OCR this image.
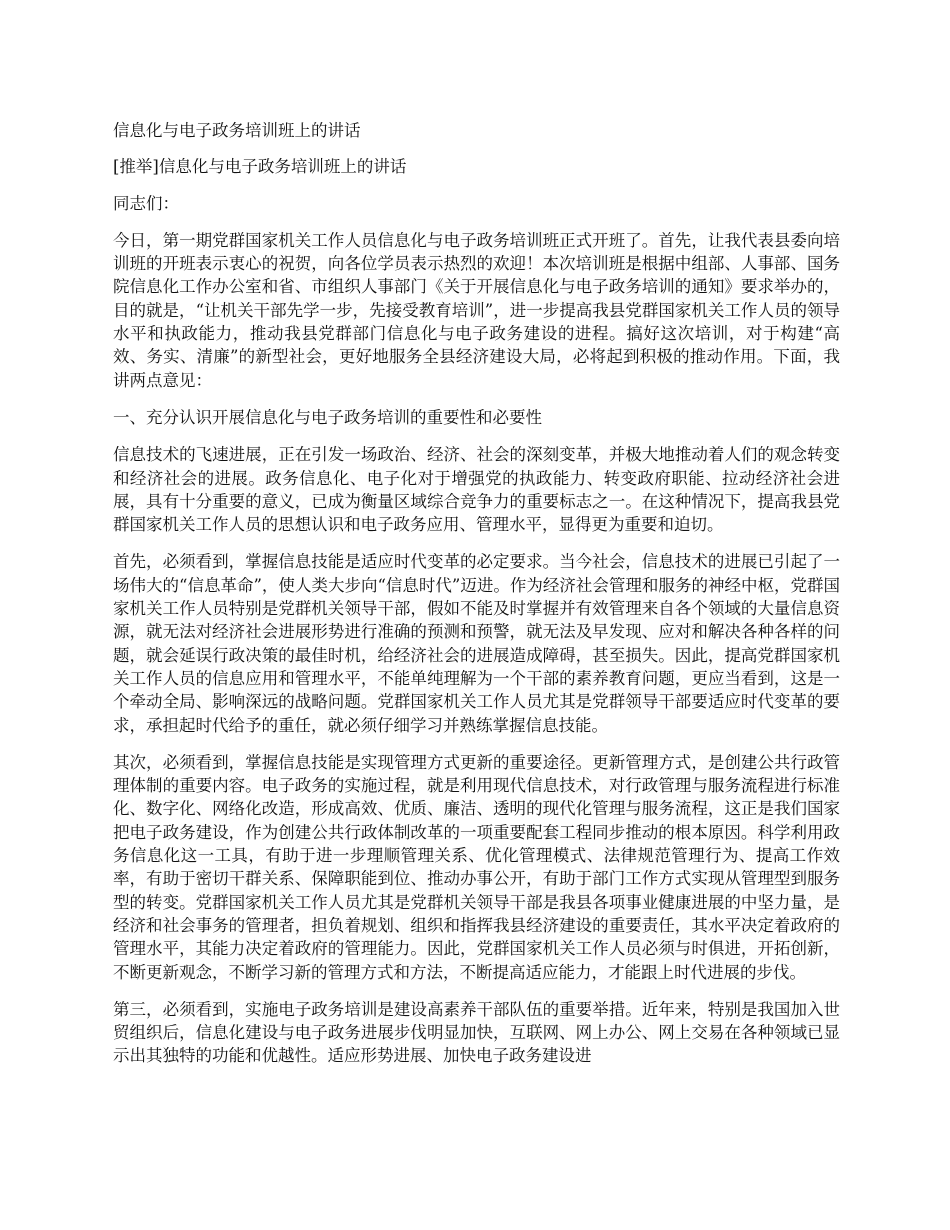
信息化与电子政务培训班上的讲话

[推举]信息化与电子政务培训班上的讲话

同志们：

今日，第一期党群国家机关工作人员信息化与电子政务培训班正式开班了。首先，让我代表县委向培训班的开班表示衷心的祝贺，向各位学员表示热烈的欢迎！本次培训班是根据中组部、人事部、国务院信息化工作办公室和省、市组织人事部门《关于开展信息化与电子政务培训的通知》要求举办的，目的就是，“让机关干部先学一步，先接受教育培训”，进一步提高我县党群国家机关工作人员的领导水平和执政能力，推动我县党群部门信息化与电子政务建设的进程。搞好这次培训，对于构建“高效、务实、清廉”的新型社会，更好地服务全县经济建设大局，必将起到积极的推动作用。下面，我讲两点意见：

一、充分认识开展信息化与电子政务培训的重要性和必要性

信息技术的飞速进展，正在引发一场政治、经济、社会的深刻变革，并极大地推动着人们的观念转变和经济社会的进展。政务信息化、电子化对于增强党的执政能力、转变政府职能、拉动经济社会进展，具有十分重要的意义，已成为衡量区域综合竞争力的重要标志之一。在这种情况下，提高我县党群国家机关工作人员的思想认识和电子政务应用、管理水平，显得更为重要和迫切。

首先，必须看到，掌握信息技能是适应时代变革的必定要求。当今社会，信息技术的进展已引起了一场伟大的“信息革命”，使人类大步向“信息时代”迈进。作为经济社会管理和服务的神经中枢，党群国家机关工作人员特别是党群机关领导干部，假如不能及时掌握并有效管理来自各个领域的大量信息资源，就无法对经济社会进展形势进行准确的预测和预警，就无法及早发现、应对和解决各种各样的问题，就会延误行政决策的最佳时机，给经济社会的进展造成障碍，甚至损失。因此，提高党群国家机关工作人员的信息应用和管理水平，不能单纯理解为一个干部的素养教育问题，更应当看到，这是一个牵动全局、影响深远的战略问题。党群国家机关工作人员尤其是党群领导干部要适应时代变革的要求，承担起时代给予的重任，就必须仔细学习并熟练掌握信息技能。

其次，必须看到，掌握信息技能是实现管理方式更新的重要途径。更新管理方式，是创建公共行政管理体制的重要内容。电子政务的实施过程，就是利用现代信息技术，对行政管理与服务流程进行标准化、数字化、网络化改造，形成高效、优质、廉洁、透明的现代化管理与服务流程，这正是我们国家把电子政务建设，作为创建公共行政体制改革的一项重要配套工程同步推动的根本原因。科学利用政务信息化这一工具，有助于进一步理顺管理关系、优化管理模式、法律规范管理行为、提高工作效率，有助于密切干群关系、保障职能到位、推动办事公开，有助于部门工作方式实现从管理型到服务型的转变。党群国家机关工作人员尤其是党群机关领导干部是我县各项事业健康进展的中坚力量，是经济和社会事务的管理者，担负着规划、组织和指挥我县经济建设的重要责任，其水平决定着政府的管理水平，其能力决定着政府的管理能力。因此，党群国家机关工作人员必须与时俱进，开拓创新，不断更新观念，不断学习新的管理方式和方法，不断提高适应能力，才能跟上时代进展的步伐。

第三，必须看到，实施电子政务培训是建设高素养干部队伍的重要举措。近年来，特别是我国加入世贸组织后，信息化建设与电子政务进展步伐明显加快，互联网、网上办公、网上交易在各种领域已显示出其独特的功能和优越性。适应形势进展、加快电子政务建设进
